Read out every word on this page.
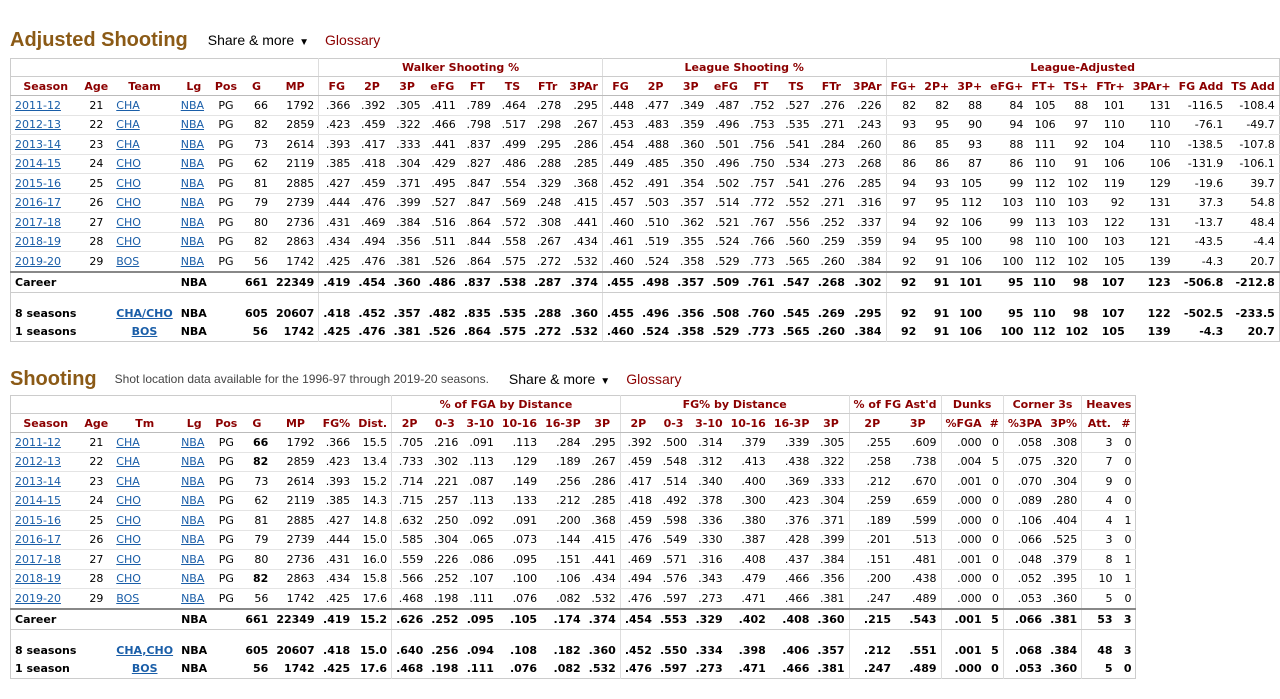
Adjusted Shooting Share & more ▼ Glossary
							Walker Shooting %								League Shooting %								League-Adjusted									
Season	Age	Team	Lg	Pos	G	MP	FG	2P	3P	eFG	FT	TS	FTr	3PAr	FG	2P	3P	eFG	FT	TS	FTr	3PAr	FG+	2P+	3P+	eFG+	FT+	TS+	FTr+	3PAr+	FG Add	TS Add
2011-12	21	CHA	NBA	PG	66	1792	.366	.392	.305	.411	.789	.464	.278	.295	.448	.477	.349	.487	.752	.527	.276	.226	82	82	88	84	105	88	101	131	-116.5	-108.4
2012-13	22	CHA	NBA	PG	82	2859	.423	.459	.322	.466	.798	.517	.298	.267	.453	.483	.359	.496	.753	.535	.271	.243	93	95	90	94	106	97	110	110	-76.1	-49.7
2013-14	23	CHA	NBA	PG	73	2614	.393	.417	.333	.441	.837	.499	.295	.286	.454	.488	.360	.501	.756	.541	.284	.260	86	85	93	88	111	92	104	110	-138.5	-107.8
2014-15	24	CHO	NBA	PG	62	2119	.385	.418	.304	.429	.827	.486	.288	.285	.449	.485	.350	.496	.750	.534	.273	.268	86	86	87	86	110	91	106	106	-131.9	-106.1
2015-16	25	CHO	NBA	PG	81	2885	.427	.459	.371	.495	.847	.554	.329	.368	.452	.491	.354	.502	.757	.541	.276	.285	94	93	105	99	112	102	119	129	-19.6	39.7
2016-17	26	CHO	NBA	PG	79	2739	.444	.476	.399	.527	.847	.569	.248	.415	.457	.503	.357	.514	.772	.552	.271	.316	97	95	112	103	110	103	92	131	37.3	54.8
2017-18	27	CHO	NBA	PG	80	2736	.431	.469	.384	.516	.864	.572	.308	.441	.460	.510	.362	.521	.767	.556	.252	.337	94	92	106	99	113	103	122	131	-13.7	48.4
2018-19	28	CHO	NBA	PG	82	2863	.434	.494	.356	.511	.844	.558	.267	.434	.461	.519	.355	.524	.766	.560	.259	.359	94	95	100	98	110	100	103	121	-43.5	-4.4
2019-20	29	BOS	NBA	PG	56	1742	.425	.476	.381	.526	.864	.575	.272	.532	.460	.524	.358	.529	.773	.565	.260	.384	92	91	106	100	112	102	105	139	-4.3	20.7
Career			NBA		661	22349	.419	.454	.360	.486	.837	.538	.287	.374	.455	.498	.357	.509	.761	.547	.268	.302	92	91	101	95	110	98	107	123	-506.8	-212.8
8 seasons		CHA/CHO	NBA		605	20607	.418	.452	.357	.482	.835	.535	.288	.360	.455	.496	.356	.508	.760	.545	.269	.295	92	91	100	95	110	98	107	122	-502.5	-233.5
1 seasons		BOS	NBA		56	1742	.425	.476	.381	.526	.864	.575	.272	.532	.460	.524	.358	.529	.773	.565	.260	.384	92	91	106	100	112	102	105	139	-4.3	20.7
Shooting Shot location data available for the 1996-97 through 2019-20 seasons. Share & more ▼ Glossary
									% of FGA by Distance						FG% by Distance						% of FG Ast'd		Dunks		Corner 3s		Heaves	
Season	Age	Tm	Lg	Pos	G	MP	FG%	Dist.	2P	0-3	3-10	10-16	16-3P	3P	2P	0-3	3-10	10-16	16-3P	3P	2P	3P	%FGA	#	%3PA	3P%	Att.	#
2011-12	21	CHA	NBA	PG	66	1792	.366	15.5	.705	.216	.091	.113	.284	.295	.392	.500	.314	.379	.339	.305	.255	.609	.000	0	.058	.308	3	0
2012-13	22	CHA	NBA	PG	82	2859	.423	13.4	.733	.302	.113	.129	.189	.267	.459	.548	.312	.413	.438	.322	.258	.738	.004	5	.075	.320	7	0
2013-14	23	CHA	NBA	PG	73	2614	.393	15.2	.714	.221	.087	.149	.256	.286	.417	.514	.340	.400	.369	.333	.212	.670	.001	0	.070	.304	9	0
2014-15	24	CHO	NBA	PG	62	2119	.385	14.3	.715	.257	.113	.133	.212	.285	.418	.492	.378	.300	.423	.304	.259	.659	.000	0	.089	.280	4	0
2015-16	25	CHO	NBA	PG	81	2885	.427	14.8	.632	.250	.092	.091	.200	.368	.459	.598	.336	.380	.376	.371	.189	.599	.000	0	.106	.404	4	1
2016-17	26	CHO	NBA	PG	79	2739	.444	15.0	.585	.304	.065	.073	.144	.415	.476	.549	.330	.387	.428	.399	.201	.513	.000	0	.066	.525	3	0
2017-18	27	CHO	NBA	PG	80	2736	.431	16.0	.559	.226	.086	.095	.151	.441	.469	.571	.316	.408	.437	.384	.151	.481	.001	0	.048	.379	8	1
2018-19	28	CHO	NBA	PG	82	2863	.434	15.8	.566	.252	.107	.100	.106	.434	.494	.576	.343	.479	.466	.356	.200	.438	.000	0	.052	.395	10	1
2019-20	29	BOS	NBA	PG	56	1742	.425	17.6	.468	.198	.111	.076	.082	.532	.476	.597	.273	.471	.466	.381	.247	.489	.000	0	.053	.360	5	0
Career			NBA		661	22349	.419	15.2	.626	.252	.095	.105	.174	.374	.454	.553	.329	.402	.408	.360	.215	.543	.001	5	.066	.381	53	3
8 seasons		CHA,CHO	NBA		605	20607	.418	15.0	.640	.256	.094	.108	.182	.360	.452	.550	.334	.398	.406	.357	.212	.551	.001	5	.068	.384	48	3
1 season		BOS	NBA		56	1742	.425	17.6	.468	.198	.111	.076	.082	.532	.476	.597	.273	.471	.466	.381	.247	.489	.000	0	.053	.360	5	0
